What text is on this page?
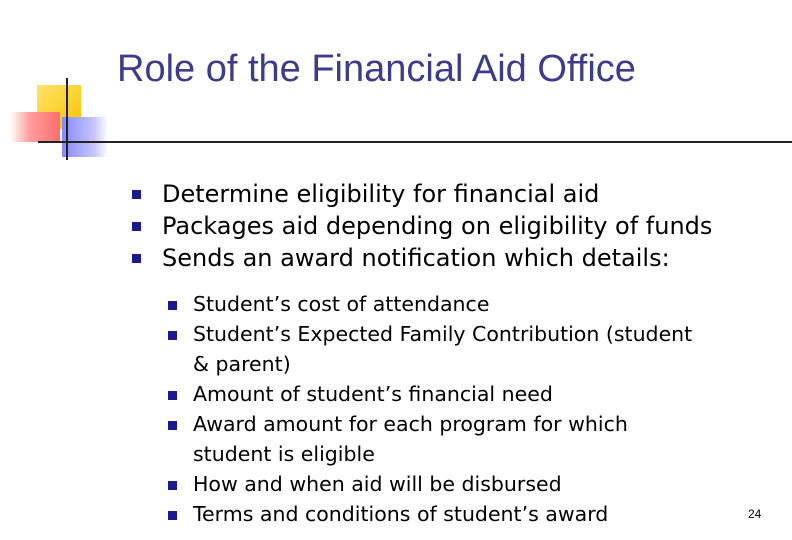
Role of the Financial Aid Office
Determine eligibility for financial aid
Packages aid depending on eligibility of funds
Sends an award notification which details:
Student’s cost of attendance
Student’s Expected Family Contribution (student
& parent)
Amount of student’s financial need
Award amount for each program for which
student is eligible
How and when aid will be disbursed
Terms and conditions of student’s award	24
